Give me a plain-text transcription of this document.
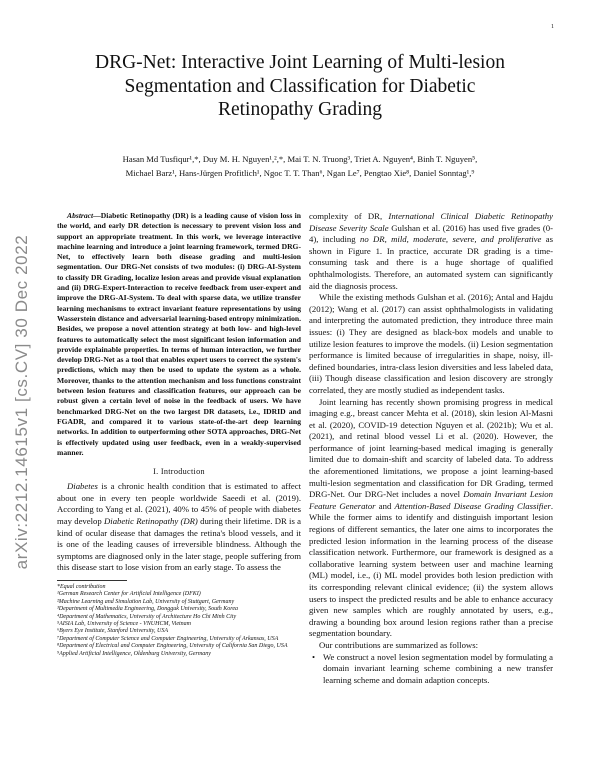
1
arXiv:2212.14615v1 [cs.CV] 30 Dec 2022
DRG-Net: Interactive Joint Learning of Multi-lesion
Segmentation and Classification for Diabetic
Retinopathy Grading
Hasan Md Tusfiqur¹,*, Duy M. H. Nguyen¹,²,*, Mai T. N. Truong³, Triet A. Nguyen⁴, Binh T. Nguyen⁵,
Michael Barz¹, Hans-Jürgen Profitlich¹, Ngoc T. T. Than⁶, Ngan Le⁷, Pengtao Xie⁸, Daniel Sonntag¹,⁹

Abstract—Diabetic Retinopathy (DR) is a leading cause of vision loss in the world, and early DR detection is necessary to prevent vision loss and support an appropriate treatment. In this work, we leverage interactive machine learning and introduce a joint learning framework, termed DRG-Net, to effectively learn both disease grading and multi-lesion segmentation. Our DRG-Net consists of two modules: (i) DRG-AI-System to classify DR Grading, localize lesion areas and provide visual explanation and (ii) DRG-Expert-Interaction to receive feedback from user-expert and improve the DRG-AI-System. To deal with sparse data, we utilize transfer learning mechanisms to extract invariant feature representations by using Wasserstein distance and adversarial learning-based entropy minimization. Besides, we propose a novel attention strategy at both low- and high-level features to automatically select the most significant lesion information and provide explainable properties. In terms of human interaction, we further develop DRG-Net as a tool that enables expert users to correct the system's predictions, which may then be used to update the system as a whole. Moreover, thanks to the attention mechanism and loss functions constraint between lesion features and classification features, our approach can be robust given a certain level of noise in the feedback of users. We have benchmarked DRG-Net on the two largest DR datasets, i.e., IDRID and FGADR, and compared it to various state-of-the-art deep learning networks. In addition to outperforming other SOTA approaches, DRG-Net is effectively updated using user feedback, even in a weakly-supervised manner.

I. Introduction

Diabetes is a chronic health condition that is estimated to affect about one in every ten people worldwide Saeedi et al. (2019). According to Yang et al. (2021), 40% to 45% of people with diabetes may develop Diabetic Retinopathy (DR) during their lifetime. DR is a kind of ocular disease that damages the retina's blood vessels, and it is one of the leading causes of irreversible blindness. Although the symptoms are diagnosed only in the later stage, people suffering from this disease start to lose vision from an early stage. To assess the

*Equal contribution
¹German Research Center for Artificial Intelligence (DFKI)
²Machine Learning and Simulation Lab, University of Stuttgart, Germany
³Department of Multimedia Engineering, Dongguk University, South Korea
⁴Department of Mathematics, University of Architecture Ho Chi Minh City
⁵AISIA Lab, University of Science - VNUHCM, Vietnam
⁶Byers Eye Institute, Stanford University, USA
⁷Department of Computer Science and Computer Engineering, University of Arkansas, USA
⁸Department of Electrical and Computer Engineering, University of California San Diego, USA
⁹Applied Artificial Intelligence, Oldenburg University, Germany

complexity of DR, International Clinical Diabetic Retinopathy Disease Severity Scale Gulshan et al. (2016) has used five grades (0-4), including no DR, mild, moderate, severe, and proliferative as shown in Figure 1. In practice, accurate DR grading is a time-consuming task and there is a huge shortage of qualified ophthalmologists. Therefore, an automated system can significantly aid the diagnosis process.

While the existing methods Gulshan et al. (2016); Antal and Hajdu (2012); Wang et al. (2017) can assist ophthalmologists in validating and interpreting the automated prediction, they introduce three main issues: (i) They are designed as black-box models and unable to utilize lesion features to improve the models. (ii) Lesion segmentation performance is limited because of irregularities in shape, noisy, ill-defined boundaries, intra-class lesion diversities and less labeled data, (iii) Though disease classification and lesion discovery are strongly correlated, they are mostly studied as independent tasks.

Joint learning has recently shown promising progress in medical imaging e.g., breast cancer Mehta et al. (2018), skin lesion Al-Masni et al. (2020), COVID-19 detection Nguyen et al. (2021b); Wu et al. (2021), and retinal blood vessel Li et al. (2020). However, the performance of joint learning-based medical imaging is generally limited due to domain-shift and scarcity of labeled data. To address the aforementioned limitations, we propose a joint learning-based multi-lesion segmentation and classification for DR Grading, termed DRG-Net. Our DRG-Net includes a novel Domain Invariant Lesion Feature Generator and Attention-Based Disease Grading Classifier. While the former aims to identify and distinguish important lesion regions of different semantics, the later one aims to incorporates the predicted lesion information in the learning process of the disease classification network. Furthermore, our framework is designed as a collaborative learning system between user and machine learning (ML) model, i.e., (i) ML model provides both lesion prediction with its corresponding relevant clinical evidence; (ii) the system allows users to inspect the predicted results and be able to enhance accuracy given new samples which are roughly annotated by users, e.g., drawing a bounding box around lesion regions rather than a precise segmentation boundary.

Our contributions are summarized as follows:

• We construct a novel lesion segmentation model by formulating a domain invariant learning scheme combining a new transfer learning scheme and domain adaption concepts.
